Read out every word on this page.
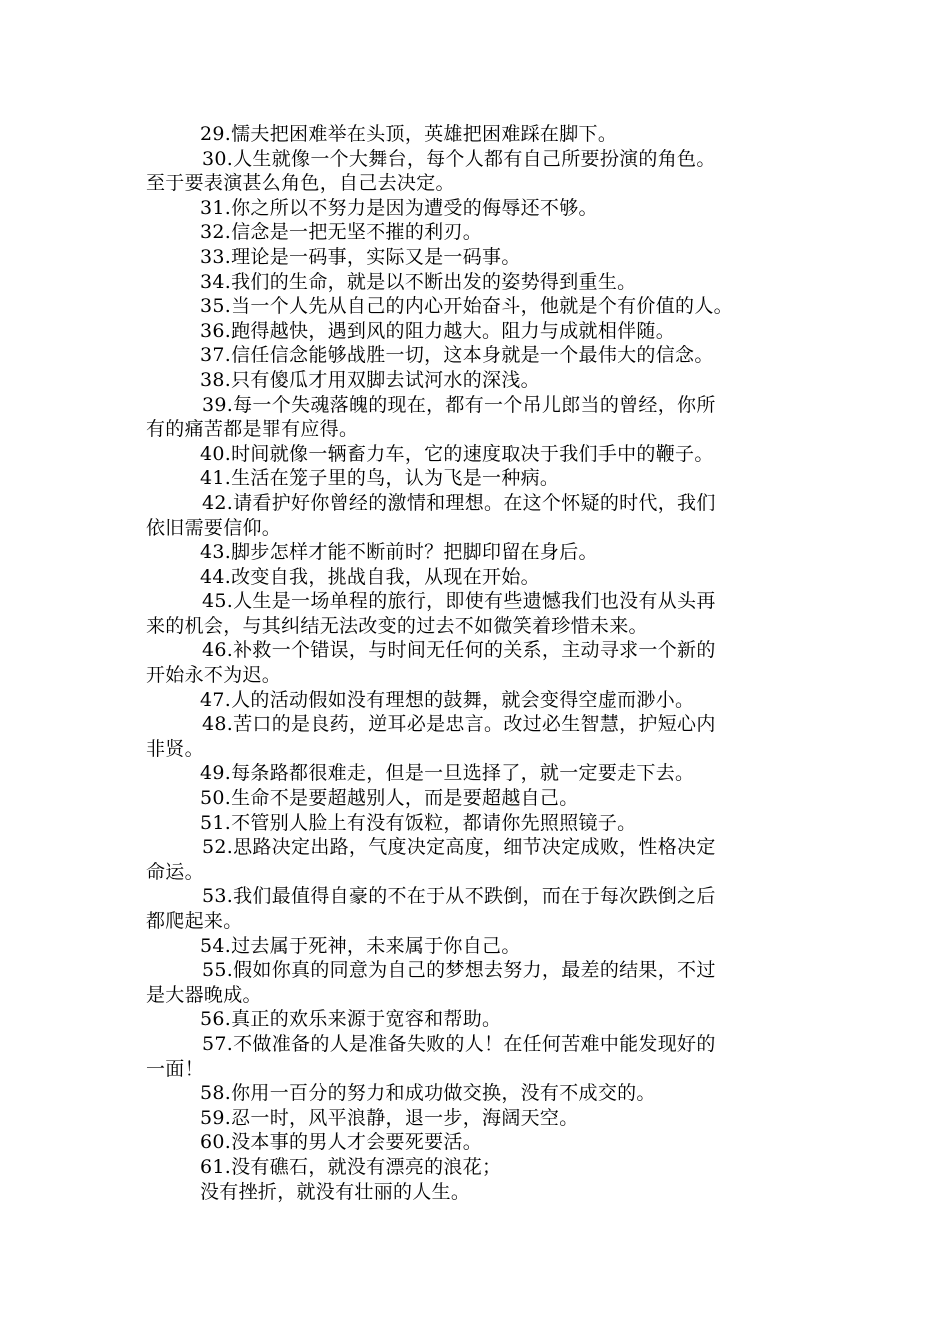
29.懦夫把困难举在头顶，英雄把困难踩在脚下。
30.人生就像一个大舞台，每个人都有自己所要扮演的角色。
至于要表演甚么角色，自己去决定。
31.你之所以不努力是因为遭受的侮辱还不够。
32.信念是一把无坚不摧的利刃。
33.理论是一码事，实际又是一码事。
34.我们的生命，就是以不断出发的姿势得到重生。
35.当一个人先从自己的内心开始奋斗，他就是个有价值的人。
36.跑得越快，遇到风的阻力越大。阻力与成就相伴随。
37.信任信念能够战胜一切，这本身就是一个最伟大的信念。
38.只有傻瓜才用双脚去试河水的深浅。
39.每一个失魂落魄的现在，都有一个吊儿郎当的曾经，你所
有的痛苦都是罪有应得。
40.时间就像一辆畜力车，它的速度取决于我们手中的鞭子。
41.生活在笼子里的鸟，认为飞是一种病。
42.请看护好你曾经的激情和理想。在这个怀疑的时代，我们
依旧需要信仰。
43.脚步怎样才能不断前时？把脚印留在身后。
44.改变自我，挑战自我，从现在开始。
45.人生是一场单程的旅行，即使有些遗憾我们也没有从头再
来的机会，与其纠结无法改变的过去不如微笑着珍惜未来。
46.补救一个错误，与时间无任何的关系，主动寻求一个新的
开始永不为迟。
47.人的活动假如没有理想的鼓舞，就会变得空虚而渺小。
48.苦口的是良药，逆耳必是忠言。改过必生智慧，护短心内
非贤。
49.每条路都很难走，但是一旦选择了，就一定要走下去。
50.生命不是要超越别人，而是要超越自己。
51.不管别人脸上有没有饭粒，都请你先照照镜子。
52.思路决定出路，气度决定高度，细节决定成败，性格决定
命运。
53.我们最值得自豪的不在于从不跌倒，而在于每次跌倒之后
都爬起来。
54.过去属于死神，未来属于你自己。
55.假如你真的同意为自己的梦想去努力，最差的结果，不过
是大器晚成。
56.真正的欢乐来源于宽容和帮助。
57.不做准备的人是准备失败的人！在任何苦难中能发现好的
一面！
58.你用一百分的努力和成功做交换，没有不成交的。
59.忍一时，风平浪静，退一步，海阔天空。
60.没本事的男人才会要死要活。
61.没有礁石，就没有漂亮的浪花；
没有挫折，就没有壮丽的人生。
